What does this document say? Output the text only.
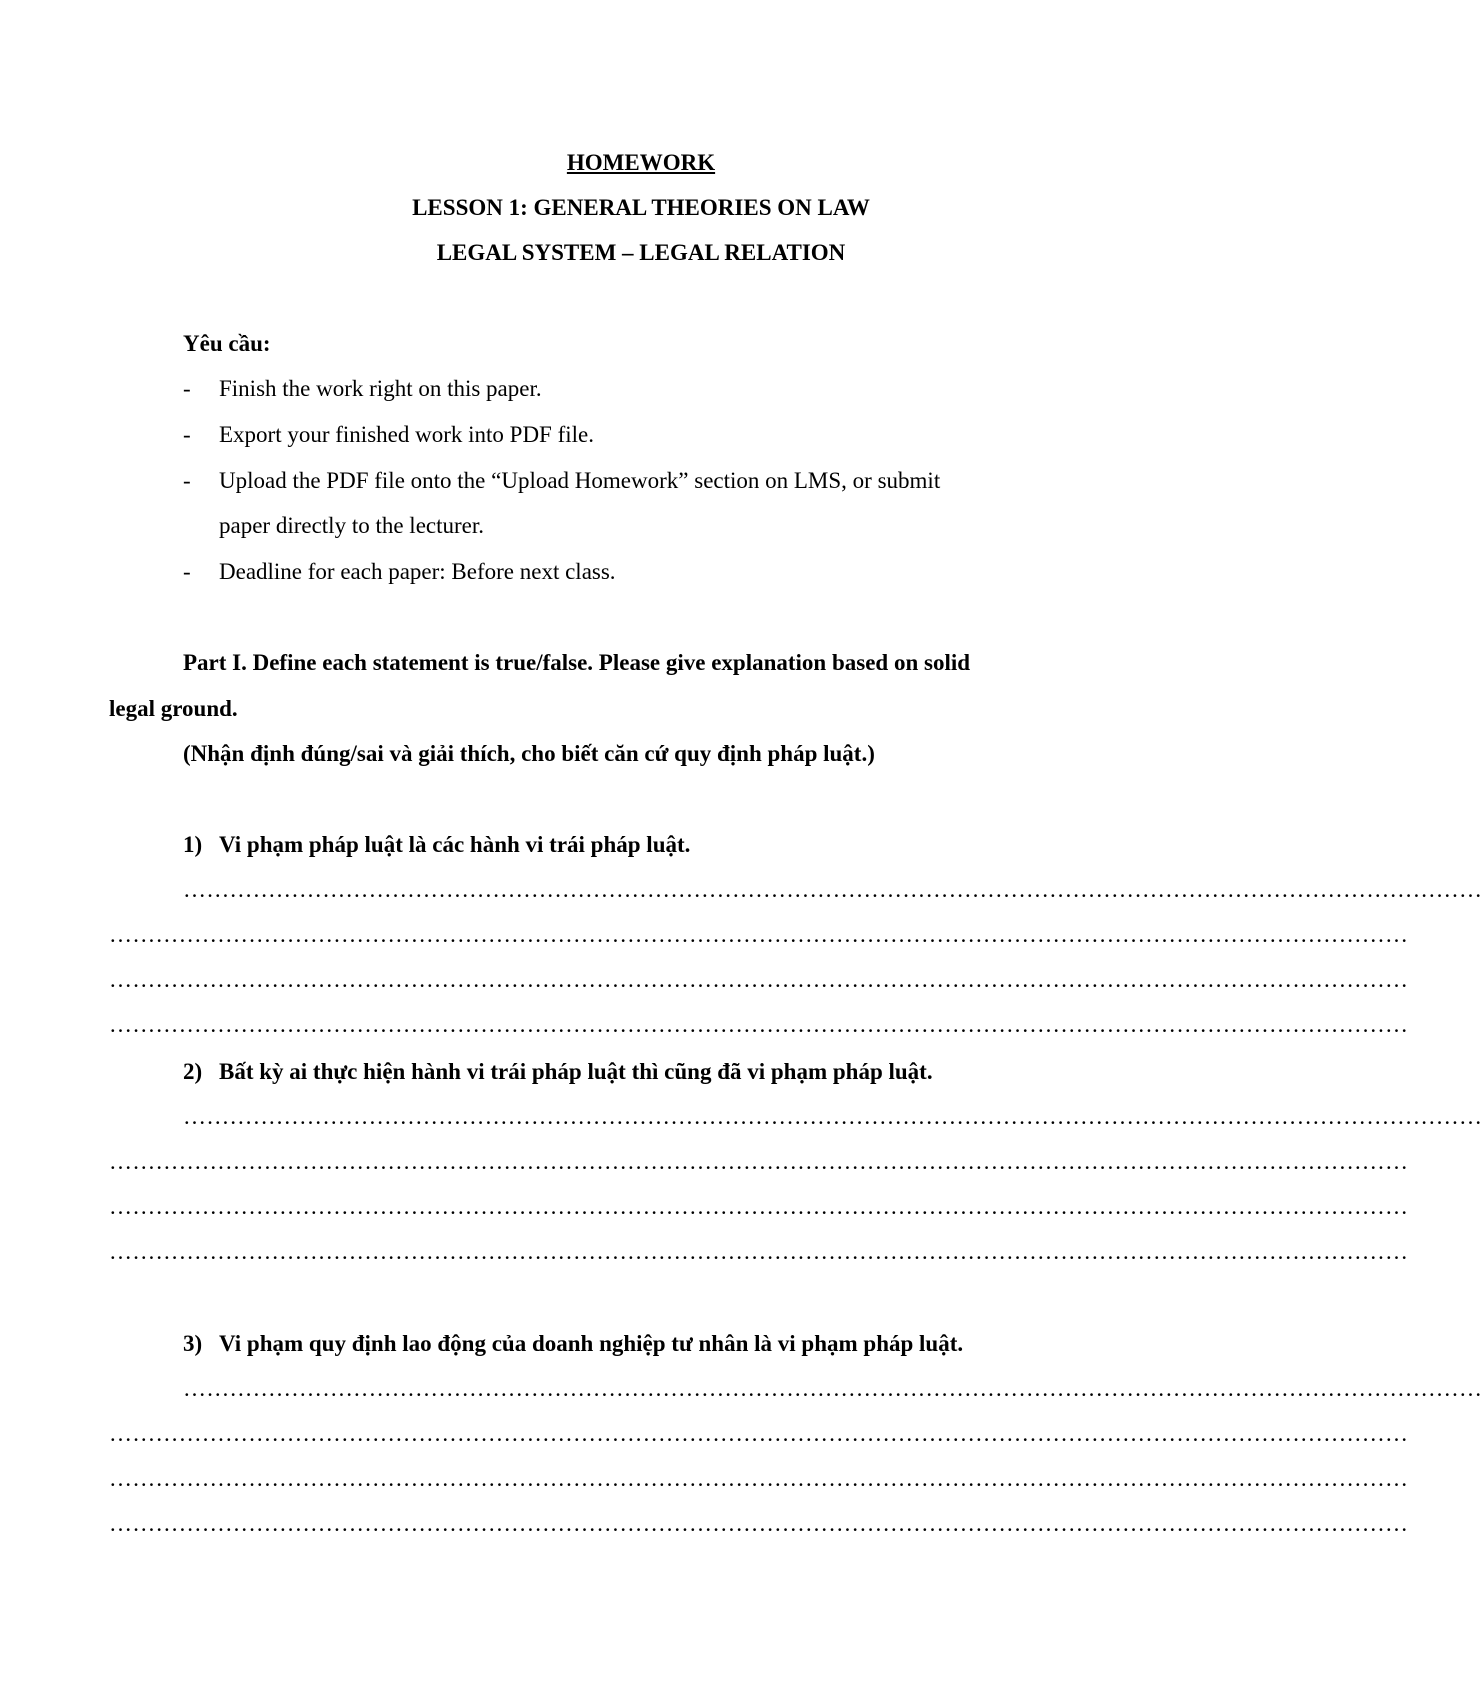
HOMEWORK
LESSON 1: GENERAL THEORIES ON LAW
LEGAL SYSTEM – LEGAL RELATION
Yêu cầu:
- Finish the work right on this paper.
- Export your finished work into PDF file.
- Upload the PDF file onto the “Upload Homework” section on LMS, or submit
paper directly to the lecturer.
- Deadline for each paper: Before next class.
Part I. Define each statement is true/false. Please give explanation based on solid
legal ground.
(Nhận định đúng/sai và giải thích, cho biết căn cứ quy định pháp luật.)
1) Vi phạm pháp luật là các hành vi trái pháp luật.
……………………………………………………………………………………………………………………………………………………
……………………………………………………………………………………………………………………………………………………
……………………………………………………………………………………………………………………………………………………
……………………………………………………………………………………………………………………………………………………
2) Bất kỳ ai thực hiện hành vi trái pháp luật thì cũng đã vi phạm pháp luật.
……………………………………………………………………………………………………………………………………………………
……………………………………………………………………………………………………………………………………………………
……………………………………………………………………………………………………………………………………………………
……………………………………………………………………………………………………………………………………………………
3) Vi phạm quy định lao động của doanh nghiệp tư nhân là vi phạm pháp luật.
……………………………………………………………………………………………………………………………………………………
……………………………………………………………………………………………………………………………………………………
……………………………………………………………………………………………………………………………………………………
……………………………………………………………………………………………………………………………………………………
